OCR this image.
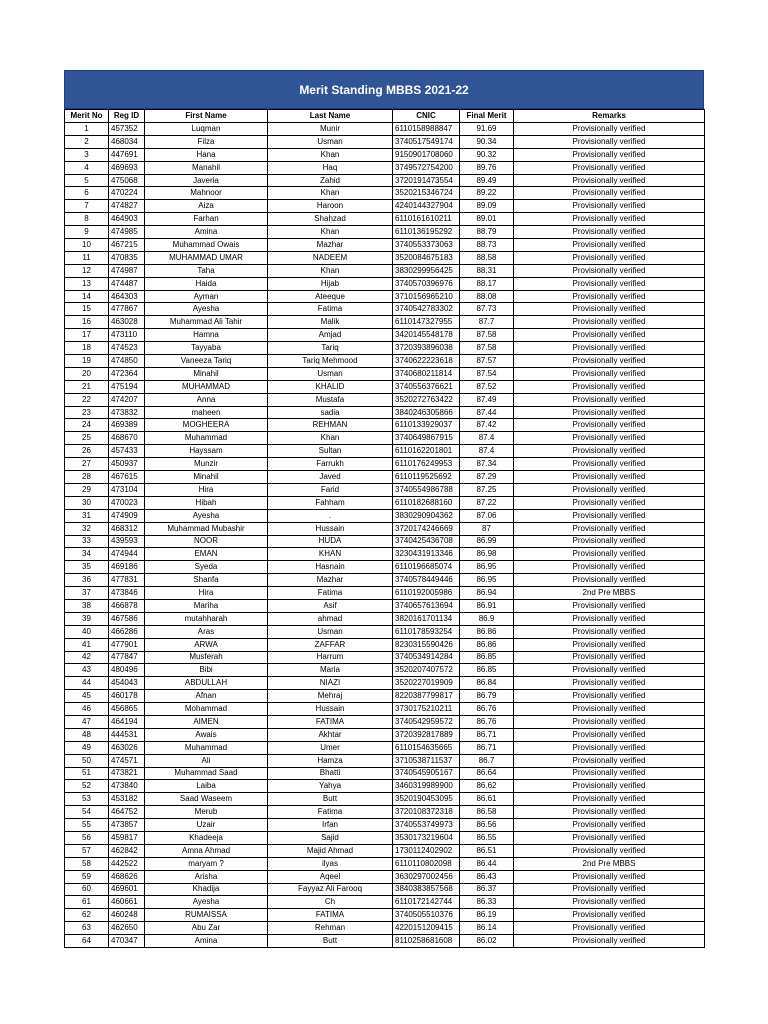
Merit Standing MBBS 2021-22
Merit No	Reg ID	First Name	Last Name	CNIC	Final Merit	Remarks
1	457352	Luqman	Munir	6110158988847	91.69	Provisionally verified
2	468034	Filza	Usman	3740517549174	90.34	Provisionally verified
3	447691	Hana	Khan	9150901708060	90.32	Provisionally verified
4	469693	Manahil	Haq	3749572754200	89.76	Provisionally verified
5	475068	Javeria	Zahid	3720191473554	89.49	Provisionally verified
6	470224	Mahnoor	Khan	3520215346724	89.22	Provisionally verified
7	474827	Aiza	Haroon	4240144327904	89.09	Provisionally verified
8	464903	Farhan	Shahzad	6110161610211	89.01	Provisionally verified
9	474985	Amina	Khan	6110136195292	88.79	Provisionally verified
10	467215	Muhammad Owais	Mazhar	3740553373063	88.73	Provisionally verified
11	470835	MUHAMMAD UMAR	NADEEM	3520084675183	88.58	Provisionally verified
12	474987	Taha	Khan	3830299956425	88.31	Provisionally verified
13	474487	Haida	Hijab	3740570396976	88.17	Provisionally verified
14	464303	Ayman	Ateeque	3710156965210	88.08	Provisionally verified
15	477867	Ayesha	Fatima	3740542783302	87.73	Provisionally verified
16	463028	Muhammad Ali Tahir	Malik	6110147327955	87.7	Provisionally verified
17	473110	Hamna	Amjad	3420145548178	87.58	Provisionally verified
18	474523	Tayyaba	Tariq	3720393896038	87.58	Provisionally verified
19	474850	Vaneeza Tariq	Tariq Mehmood	3740622223618	87.57	Provisionally verified
20	472364	Minahil	Usman	3740680211814	87.54	Provisionally verified
21	475194	MUHAMMAD	KHALID	3740556376621	87.52	Provisionally verified
22	474207	Anna	Mustafa	3520272763422	87.49	Provisionally verified
23	473832	maheen	sadia	3840246305866	87.44	Provisionally verified
24	469389	MOGHEERA	REHMAN	6110133929037	87.42	Provisionally verified
25	468670	Muhammad	Khan	3740649867915	87.4	Provisionally verified
26	457433	Hayssam	Sultan	6110162201801	87.4	Provisionally verified
27	450937	Munzir	Farrukh	6110176249953	87.34	Provisionally verified
28	467615	Minahil	Javed	6110119525692	87.29	Provisionally verified
29	473104	Hira	Farid	3740554986788	87.25	Provisionally verified
30	470023	Hibah	Fahham	6110182688160	87.22	Provisionally verified
31	474909	Ayesha	.	3830290904362	87.06	Provisionally verified
32	468312	Muhammad Mubashir	Hussain	3720174246669	87	Provisionally verified
33	439593	NOOR	HUDA	3740425436708	86.99	Provisionally verified
34	474944	EMAN	KHAN	3230431913346	86.98	Provisionally verified
35	469186	Syeda	Hasnain	6110196685074	86.95	Provisionally verified
36	477831	Shanfa	Mazhar	3740578449446	86.95	Provisionally verified
37	473846	Hira	Fatima	6110192005986	86.94	2nd Pre MBBS
38	466878	Mariha	Asif	3740657613694	86.91	Provisionally verified
39	467586	mutahharah	ahmad	3820161701134	86.9	Provisionally verified
40	466286	Aras	Usman	6110178593254	86.86	Provisionally verified
41	477901	ARWA	ZAFFAR	8230315590426	86.86	Provisionally verified
42	477847	Musferah	Harrum	3740534914284	86.85	Provisionally verified
43	480496	Bibi	Maria	3520207407572	86.85	Provisionally verified
44	454043	ABDULLAH	NIAZI	3520227019909	86.84	Provisionally verified
45	460178	Afnan	Mehraj	8220387799817	86.79	Provisionally verified
46	456865	Mohammad	Hussain	3730175210211	86.76	Provisionally verified
47	464194	AIMEN	FATIMA	3740542959572	86.76	Provisionally verified
48	444531	Awais	Akhtar	3720392817889	86.71	Provisionally verified
49	463026	Muhammad	Umer	6110154635665	86.71	Provisionally verified
50	474571	Ali	Hamza	3710538711537	86.7	Provisionally verified
51	473821	Muhammad Saad	Bhatti	3740545905167	86.64	Provisionally verified
52	473840	Laiba	Yahya	3460319989900	86.62	Provisionally verified
53	453182	Saad Waseem	Butt	3520190453095	86.61	Provisionally verified
54	464752	Merub	Fatima	3720108372318	86.58	Provisionally verified
55	473857	Uzair	Irfan	3740553749973	86.56	Provisionally verified
56	459817	Khadeeja	Sajid	3530173219604	86.55	Provisionally verified
57	462842	Amna Ahmad	Majid Ahmad	1730112402902	86.51	Provisionally verified
58	442522	maryam ?	ilyas	6110110802098	86.44	2nd Pre MBBS
59	468626	Arisha	Aqeel	3630297002456	86.43	Provisionally verified
60	469601	Khadija	Fayyaz Ali Farooq	3840383857568	86.37	Provisionally verified
61	460661	Ayesha	Ch	6110172142744	86.33	Provisionally verified
62	460248	RUMAISSA	FATIMA	3740505510376	86.19	Provisionally verified
63	462650	Abu Zar	Rehman	4220151209415	86.14	Provisionally verified
64	470347	Amina	Butt	8110258681608	86.02	Provisionally verified
